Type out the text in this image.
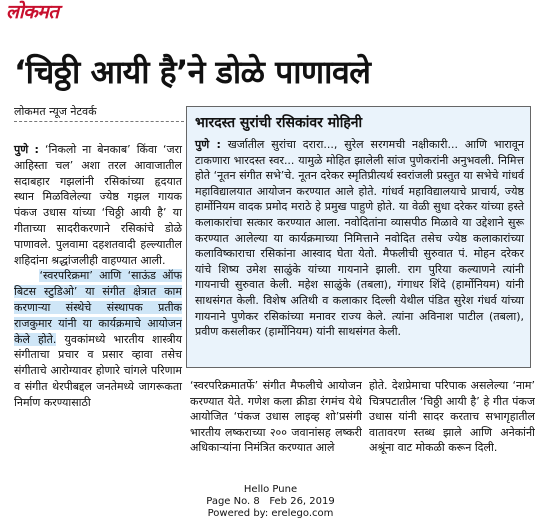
लोकमत
‘चिठ्ठी आयी है’ने डोळे पाणावले
लोकमत न्यूज नेटवर्क

पुणे : ‘निकलो ना बेनकाब’ किंवा ‘जरा आहिस्ता चल’ अशा तरल आवाजातील सदाबहार गझलांनी रसिकांच्या हृदयात स्थान मिळविलेल्या ज्येष्ठ गझल गायक पंकज उधास यांच्या ‘चिठ्ठी आयी है’ या गीताच्या सादरीकरणाने रसिकांचे डोळे पाणावले. पुलवामा दहशतवादी हल्ल्यातील शहिदांना श्रद्धांजलीही वाहण्यात आली.

‘स्वरपरिक्रमा’ आणि ‘साऊंड ऑफ बिटस स्टुडिओ’ या संगीत क्षेत्रात काम करणाऱ्या संस्थेचे संस्थापक प्रतीक राजकुमार यांनी या कार्यक्रमाचे आयोजन केले होते. युवकांमध्ये भारतीय शास्त्रीय संगीताचा प्रचार व प्रसार व्हावा तसेच संगीताचे आरोग्यावर होणारे चांगले परिणाम व संगीत थेरपीबद्दल जनतेमध्ये जागरूकता निर्माण करण्यासाठी

भारदस्त सुरांची रसिकांवर मोहिनी
पुणे : खर्जातील सुरांचा दरारा..., सुरेल सरगमची नक्षीकारी... आणि भारावून टाकणारा भारदस्त स्वर... यामुळे मोहित झालेली सांज पुणेकरांनी अनुभवली. निमित्त होते ‘नूतन संगीत सभे’चे. नूतन दरेकर स्मृतिप्रीत्यर्थ स्वरांजली प्रस्तुत या सभेचे गांधर्व महाविद्यालयात आयोजन करण्यात आले होते. गांधर्व महाविद्यालयाचे प्राचार्य, ज्येष्ठ हार्मोनियम वादक प्रमोद मराठे हे प्रमुख पाहुणे होते. या वेळी सुधा दरेकर यांच्या हस्ते कलाकारांचा सत्कार करण्यात आला. नवोदितांना व्यासपीठ मिळावे या उद्देशाने सुरू करण्यात आलेल्या या कार्यक्रमाच्या निमित्ताने नवोदित तसेच ज्येष्ठ कलाकारांच्या कलाविष्काराचा रसिकांना आस्वाद घेता येतो. मैफलीची सुरुवात पं. मोहन दरेकर यांचे शिष्य उमेश साळुंके यांच्या गायनाने झाली. राग पुरिया कल्याणने त्यांनी गायनाची सुरुवात केली. महेश साळुंके (तबला), गंगाधर शिंदे (हार्मोनियम) यांनी साथसंगत केली. विशेष अतिथी व कलाकार दिल्ली येथील पंडित सुरेश गंधर्व यांच्या गायनाने पुणेकर रसिकांच्या मनावर राज्य केले. त्यांना अविनाश पाटील (तबला), प्रवीण कसलीकर (हार्मोनियम) यांनी साथसंगत केली.
‘स्वरपरिक्रमातर्फे’ संगीत मैफलीचे आयोजन करण्यात येते. गणेश कला क्रीडा रंगमंच येथे आयोजित ‘पंकज उधास लाइव्ह शो’प्रसंगी भारतीय लष्कराच्या २०० जवानांसह लष्करी अधिकाऱ्यांना निमंत्रित करण्यात आले
होते. देशप्रेमाचा परिपाक असलेल्या ‘नाम’ चित्रपटातील ‘चिठ्ठी आयी है’ हे गीत पंकज उधास यांनी सादर करताच सभागृहातील वातावरण स्तब्ध झाले आणि अनेकांनी अश्रूंना वाट मोकळी करून दिली.
Hello Pune
Page No. 8 Feb 26, 2019
Powered by: erelego.com
